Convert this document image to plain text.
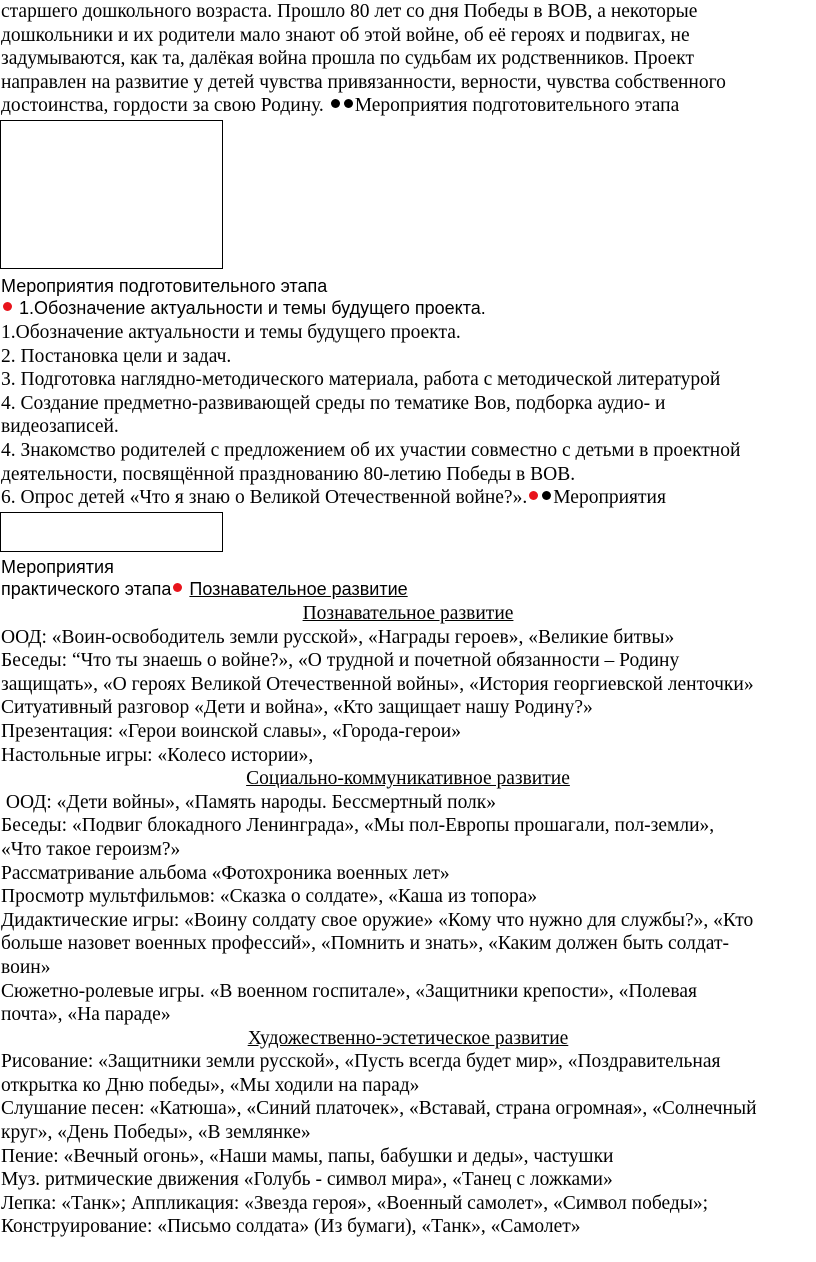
старшего дошкольного возраста. Прошло 80 лет со дня Победы в ВОВ, а некоторые
дошкольники и их родители мало знают об этой войне, об её героях и подвигах, не
задумываются, как та, далёкая война прошла по судьбам их родственников. Проект
направлен на развитие у детей чувства привязанности, верности, чувства собственного
достоинства, гордости за свою Родину. Мероприятия подготовительного этапа
Мероприятия подготовительного этапа
1.Обозначение актуальности и темы будущего проекта.
1.Обозначение актуальности и темы будущего проекта.
2. Постановка цели и задач.
3. Подготовка наглядно-методического материала, работа с методической литературой
4. Создание предметно-развивающей среды по тематике Вов, подборка аудио- и
видеозаписей.
4. Знакомство родителей с предложением об их участии совместно с детьми в проектной
деятельности, посвящённой празднованию 80-летию Победы в ВОВ.
6. Опрос детей «Что я знаю о Великой Отечественной войне?». Мероприятия
Мероприятия
практического этапа Познавательное развитие
Познавательное развитие
ООД: «Воин-освободитель земли русской», «Награды героев», «Великие битвы»
Беседы: “Что ты знаешь о войне?», «О трудной и почетной обязанности – Родину
защищать», «О героях Великой Отечественной войны», «История георгиевской ленточки»
Ситуативный разговор «Дети и война», «Кто защищает нашу Родину?»
Презентация: «Герои воинской славы», «Города-герои»
Настольные игры: «Колесо истории»,
Социально-коммуникативное развитие
ООД: «Дети войны», «Память народы. Бессмертный полк»
Беседы: «Подвиг блокадного Ленинграда», «Мы пол-Европы прошагали, пол-земли»,
«Что такое героизм?»
Рассматривание альбома «Фотохроника военных лет»
Просмотр мультфильмов: «Сказка о солдате», «Каша из топора»
Дидактические игры: «Воину солдату свое оружие» «Кому что нужно для службы?», «Кто
больше назовет военных профессий», «Помнить и знать», «Каким должен быть солдат-
воин»
Сюжетно-ролевые игры. «В военном госпитале», «Защитники крепости», «Полевая
почта», «На параде»
Художественно-эстетическое развитие
Рисование: «Защитники земли русской», «Пусть всегда будет мир», «Поздравительная
открытка ко Дню победы», «Мы ходили на парад»
Слушание песен: «Катюша», «Синий платочек», «Вставай, страна огромная», «Солнечный
круг», «День Победы», «В землянке»
Пение: «Вечный огонь», «Наши мамы, папы, бабушки и деды», частушки
Муз. ритмические движения «Голубь - символ мира», «Танец с ложками»
Лепка: «Танк»; Аппликация: «Звезда героя», «Военный самолет», «Символ победы»;
Конструирование: «Письмо солдата» (Из бумаги), «Танк», «Самолет»
